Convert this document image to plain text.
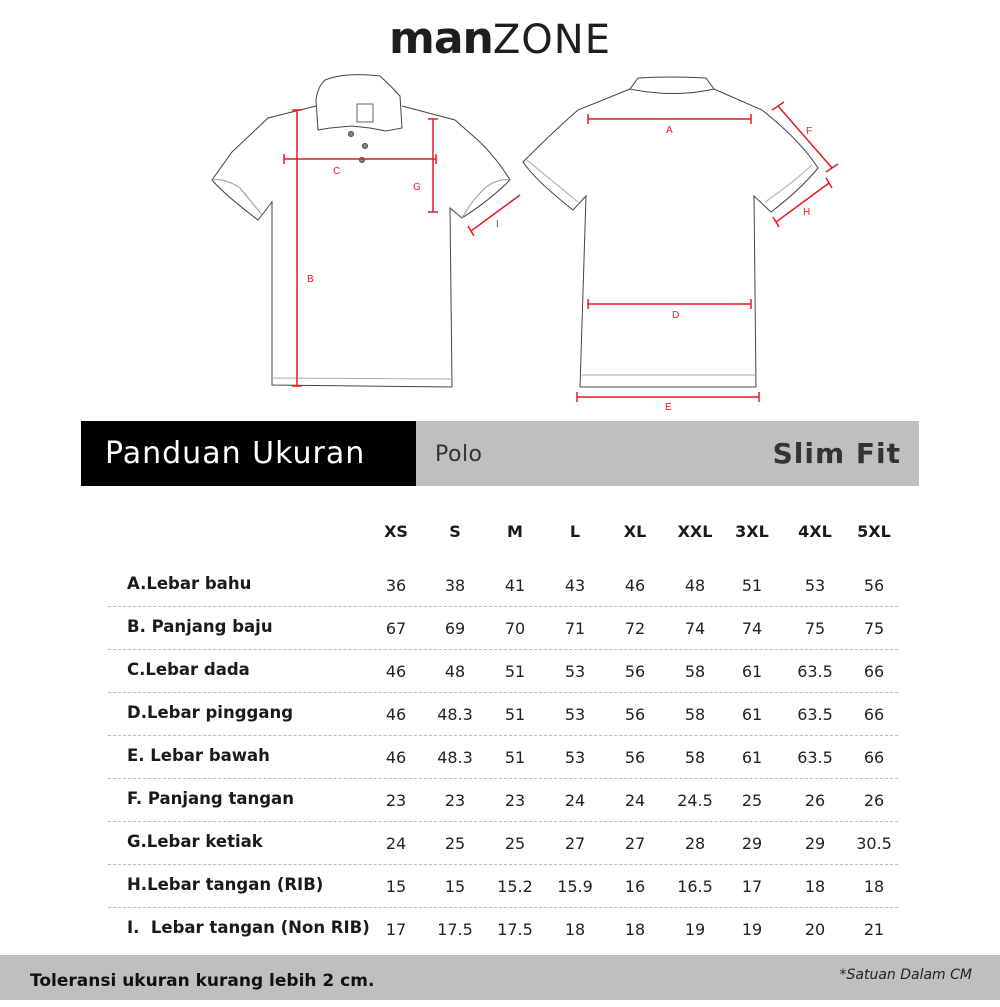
manZONE
B
C
G
I
A
D
E
F
H
Panduan Ukuran	Polo	Slim Fit
XS	S	M	L	XL	XXL	3XL	4XL	5XL
A.Lebar bahu	36	38	41	43	46	48	51	53	56
B. Panjang baju	67	69	70	71	72	74	74	75	75
C.Lebar dada	46	48	51	53	56	58	61	63.5	66
D.Lebar pinggang	46	48.3	51	53	56	58	61	63.5	66
E. Lebar bawah	46	48.3	51	53	56	58	61	63.5	66
F. Panjang tangan	23	23	23	24	24	24.5	25	26	26
G.Lebar ketiak	24	25	25	27	27	28	29	29	30.5
H.Lebar tangan (RIB)	15	15	15.2	15.9	16	16.5	17	18	18
I.  Lebar tangan (Non RIB)	17	17.5	17.5	18	18	19	19	20	21
Toleransi ukuran kurang lebih 2 cm.	*Satuan Dalam CM
